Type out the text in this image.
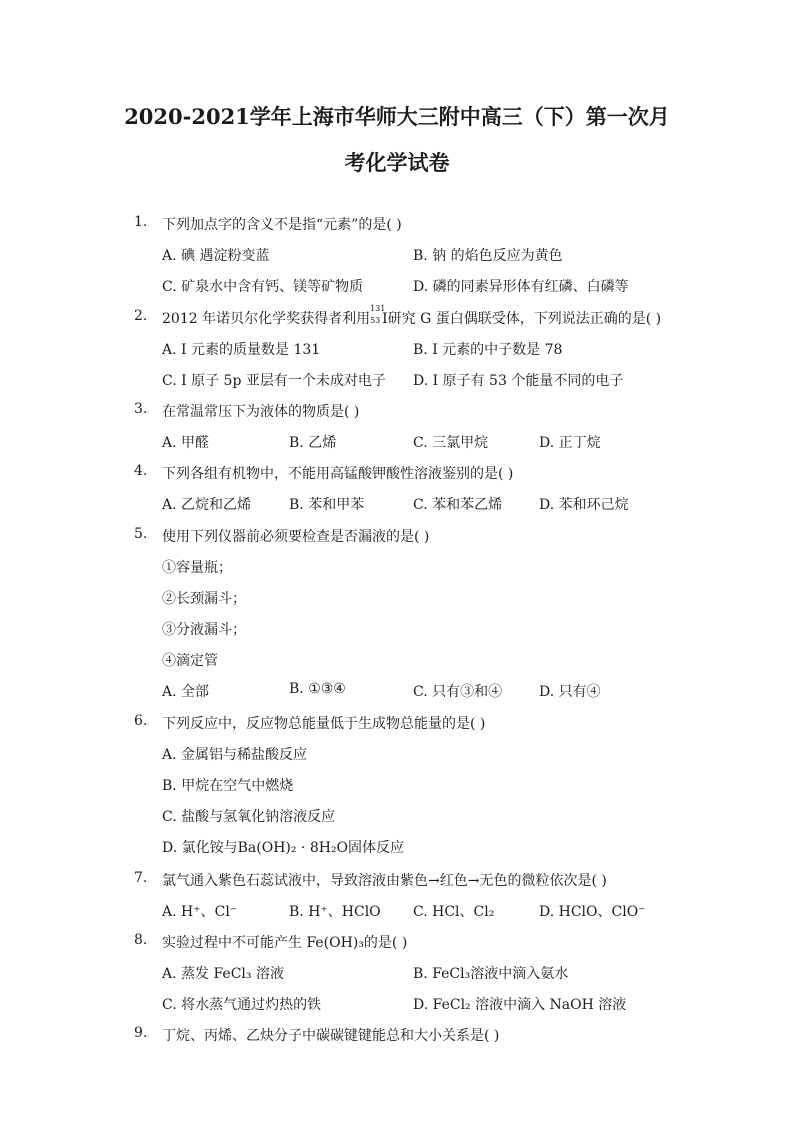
2020-2021学年上海市华师大三附中高三（下）第一次月
考化学试卷
1.	下列加点字的含义不是指“元素”的是( )
A. 碘 遇淀粉变蓝	B. 钠 的焰色反应为黄色
C. 矿泉水中含有钙、镁等矿物质	D. 磷的同素异形体有红磷、白磷等
2.	2012 年诺贝尔化学奖获得者利用
131
53 I研究 G 蛋白偶联受体，下列说法正确的是( )
A. I 元素的质量数是 131	B. I 元素的中子数是 78
C. I 原子 5p 亚层有一个未成对电子 D. I 原子有 53 个能量不同的电子
3.	在常温常压下为液体的物质是( )
A. 甲醛	B. 乙烯	C. 三氯甲烷	D. 正丁烷
4.	下列各组有机物中，不能用高锰酸钾酸性溶液鉴别的是( )
A. 乙烷和乙烯	B. 苯和甲苯	C. 苯和苯乙烯	D. 苯和环己烷
5.	使用下列仪器前必须要检查是否漏液的是( )
①容量瓶；
②长颈漏斗；
③分液漏斗；
④滴定管
A. 全部	B. ①③④	C. 只有③和④	D. 只有④
6.	下列反应中，反应物总能量低于生成物总能量的是( )
A. 金属铝与稀盐酸反应
B. 甲烷在空气中燃烧
C. 盐酸与氢氧化钠溶液反应
D. 氯化铵与Ba(OH)₂ · 8H₂O固体反应
7.	氯气通入紫色石蕊试液中，导致溶液由紫色→红色→无色的微粒依次是( )
A. H⁺、Cl⁻	B. H⁺、HClO C. HCl、Cl₂	D. HClO、ClO⁻
8.	实验过程中不可能产生 Fe(OH)₃的是( )
A. 蒸发 FeCl₃ 溶液	B. FeCl₃溶液中滴入氨水
C. 将水蒸气通过灼热的铁	D. FeCl₂ 溶液中滴入 NaOH 溶液
9.	丁烷、丙烯、乙炔分子中碳碳键键能总和大小关系是( )
